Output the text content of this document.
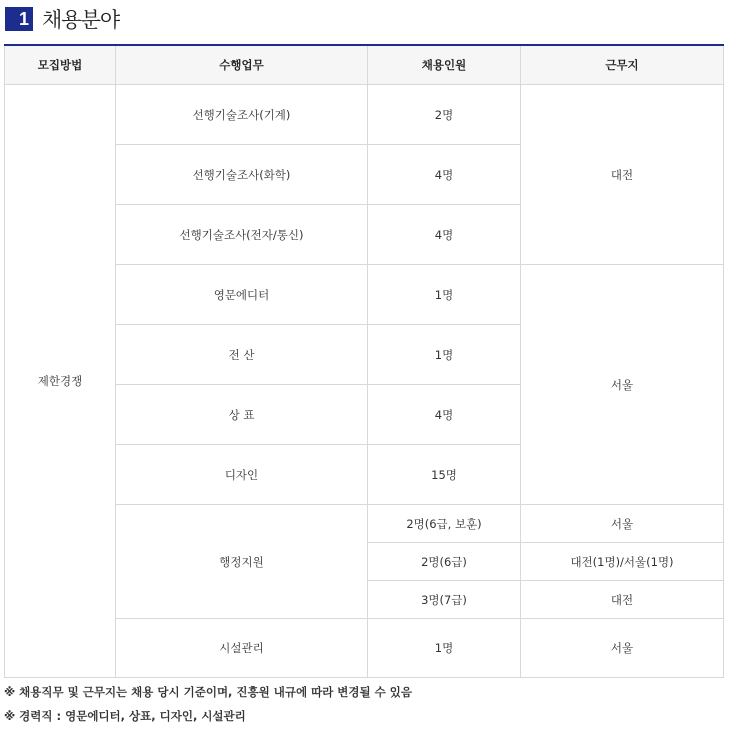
1 채용분야
모집방법	수행업무	채용인원	근무지
제한경쟁	선행기술조사(기계)	2명	대전
	선행기술조사(화학)	4명	
	선행기술조사(전자/통신)	4명	
	영문에디터	1명	서울
	전 산	1명	
	상 표	4명	
	디자인	15명	
	행정지원	2명(6급, 보훈)	서울
		2명(6급)	대전(1명)/서울(1명)
		3명(7급)	대전
	시설관리	1명	서울

※ 채용직무 및 근무지는 채용 당시 기준이며, 진흥원 내규에 따라 변경될 수 있음

※ 경력직 : 영문에디터, 상표, 디자인, 시설관리
